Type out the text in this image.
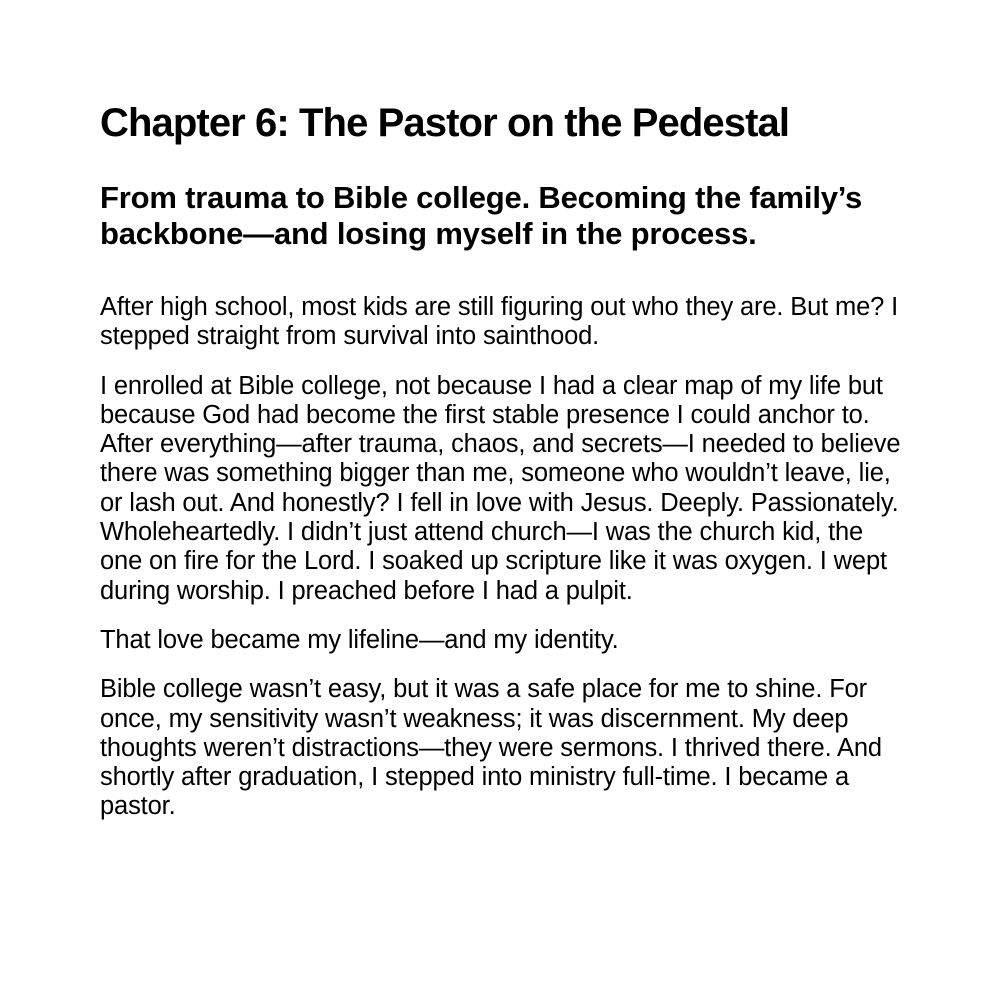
Chapter 6: The Pastor on the Pedestal
From trauma to Bible college. Becoming the family’s backbone—and losing myself in the process.

After high school, most kids are still figuring out who they are. But me? I stepped straight from survival into sainthood.

I enrolled at Bible college, not because I had a clear map of my life but because God had become the first stable presence I could anchor to. After everything—after trauma, chaos, and secrets—I needed to believe there was something bigger than me, someone who wouldn’t leave, lie, or lash out. And honestly? I fell in love with Jesus. Deeply. Passionately. Wholeheartedly. I didn’t just attend church—I was the church kid, the one on fire for the Lord. I soaked up scripture like it was oxygen. I wept during worship. I preached before I had a pulpit.

That love became my lifeline—and my identity.

Bible college wasn’t easy, but it was a safe place for me to shine. For once, my sensitivity wasn’t weakness; it was discernment. My deep thoughts weren’t distractions—they were sermons. I thrived there. And shortly after graduation, I stepped into ministry full-time. I became a pastor.
